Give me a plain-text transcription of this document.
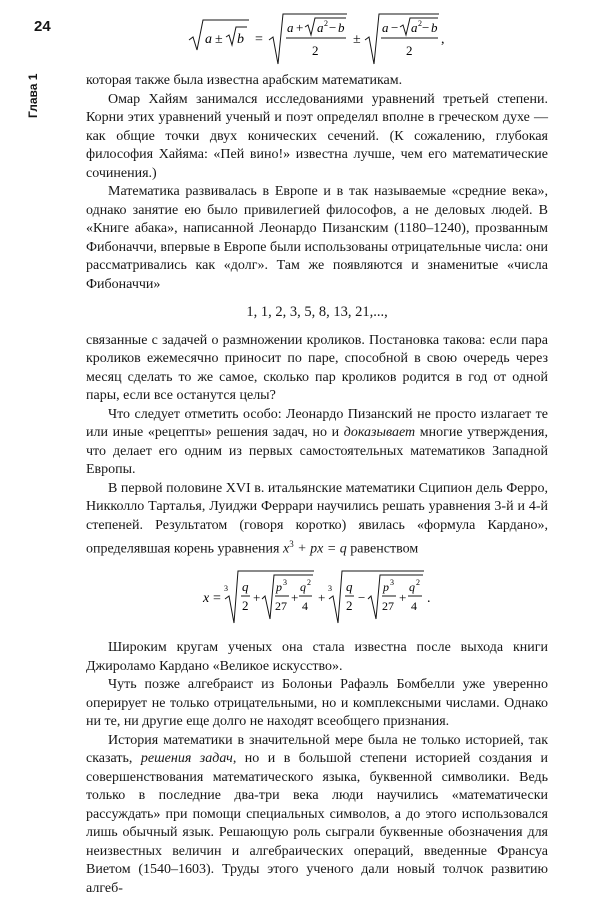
24
Глава 1
a ± b =
a + a 2 − b
2
±
a − a 2 − b
2
,

которая также была известна арабским математикам.

Омар Хайям занимался исследованиями уравнений третьей степени. Корни этих уравнений ученый и поэт определял вполне в греческом духе — как общие точки двух конических сечений. (К сожалению, глубокая философия Хайяма: «Пей вино!» известна лучше, чем его математические сочинения.)

Математика развивалась в Европе и в так называемые «средние века», однако занятие ею было привилегией философов, а не деловых людей. В «Книге абака», написанной Леонардо Пизанским (1180–1240), прозванным Фибоначчи, впервые в Европе были использованы отрицательные числа: они рассматривались как «долг». Там же появляются и знаменитые «числа Фибоначчи»

1, 1, 2, 3, 5, 8, 13, 21,...,

связанные с задачей о размножении кроликов. Постановка такова: если пара кроликов ежемесячно приносит по паре, способной в свою очередь через месяц сделать то же самое, сколько пар кроликов родится в год от одной пары, если все останутся целы?

Что следует отметить особо: Леонардо Пизанский не просто излагает те или иные «рецепты» решения задач, но и доказывает многие утверждения, что делает его одним из первых самостоятельных математиков Западной Европы.

В первой половине XVI в. итальянские математики Сципион дель Ферро, Никколло Тарталья, Луиджи Феррари научились решать уравнения 3-й и 4-й степеней. Результатом (говоря коротко) явилась «формула Кардано», определявшая корень уравнения $x^3$ + px = q равенством

x =
3 q
2
+
p 3
27
+
q 2
4
+
3 q
2
−
p 3
27
+
q 2
4 .

Широким кругам ученых она стала известна после выхода книги Джироламо Кардано «Великое искусство».

Чуть позже алгебраист из Болоньи Рафаэль Бомбелли уже уверенно оперирует не только отрицательными, но и комплексными числами. Однако ни те, ни другие еще долго не находят всеобщего признания.

История математики в значительной мере была не только историей, так сказать, решения задач, но и в большой степени историей создания и совершенствования математического языка, буквенной символики. Ведь только в последние два-три века люди научились «математически рассуждать» при помощи специальных символов, а до этого использовался лишь обычный язык. Решающую роль сыграли буквенные обозначения для неизвестных величин и алгебраических операций, введенные Франсуа Виетом (1540–1603). Труды этого ученого дали новый толчок развитию алгеб-
